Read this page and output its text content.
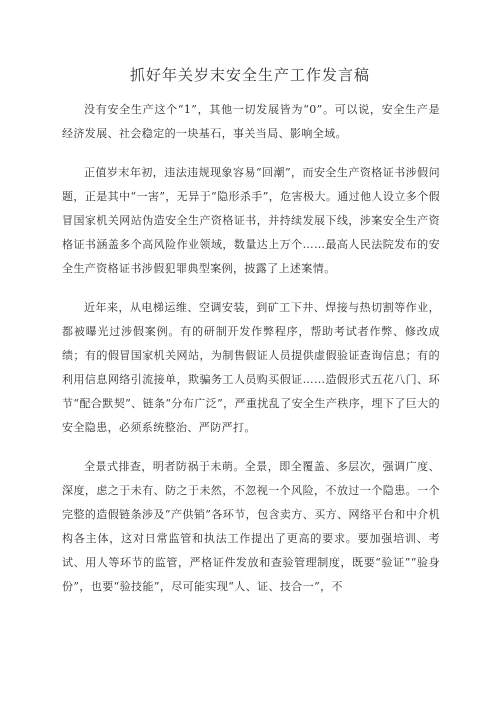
抓好年关岁末安全生产工作发言稿

没有安全生产这个“1”，其他一切发展皆为“0”。可以说，安全生产是经济发展、社会稳定的一块基石，事关当局、影响全域。

正值岁末年初，违法违规现象容易“回潮”，而安全生产资格证书涉假问题，正是其中“一害”，无异于“隐形杀手”，危害极大。通过他人设立多个假冒国家机关网站伪造安全生产资格证书，并持续发展下线，涉案安全生产资格证书涵盖多个高风险作业领域，数量达上万个……最高人民法院发布的安全生产资格证书涉假犯罪典型案例，披露了上述案情。

近年来，从电梯运维、空调安装，到矿工下井、焊接与热切割等作业，都被曝光过涉假案例。有的研制开发作弊程序，帮助考试者作弊、修改成绩；有的假冒国家机关网站，为制售假证人员提供虚假验证查询信息；有的利用信息网络引流接单，欺骗务工人员购买假证……造假形式五花八门、环节“配合默契”、链条“分布广泛”，严重扰乱了安全生产秩序，埋下了巨大的安全隐患，必须系统整治、严防严打。

全景式排查，明者防祸于未萌。全景，即全覆盖、多层次，强调广度、深度，虑之于未有、防之于未然，不忽视一个风险，不放过一个隐患。一个完整的造假链条涉及“产供销”各环节，包含卖方、买方、网络平台和中介机构各主体，这对日常监管和执法工作提出了更高的要求。要加强培训、考试、用人等环节的监管，严格证件发放和查验管理制度，既要“验证”“验身份”，也要“验技能”，尽可能实现“人、证、技合一”，不
